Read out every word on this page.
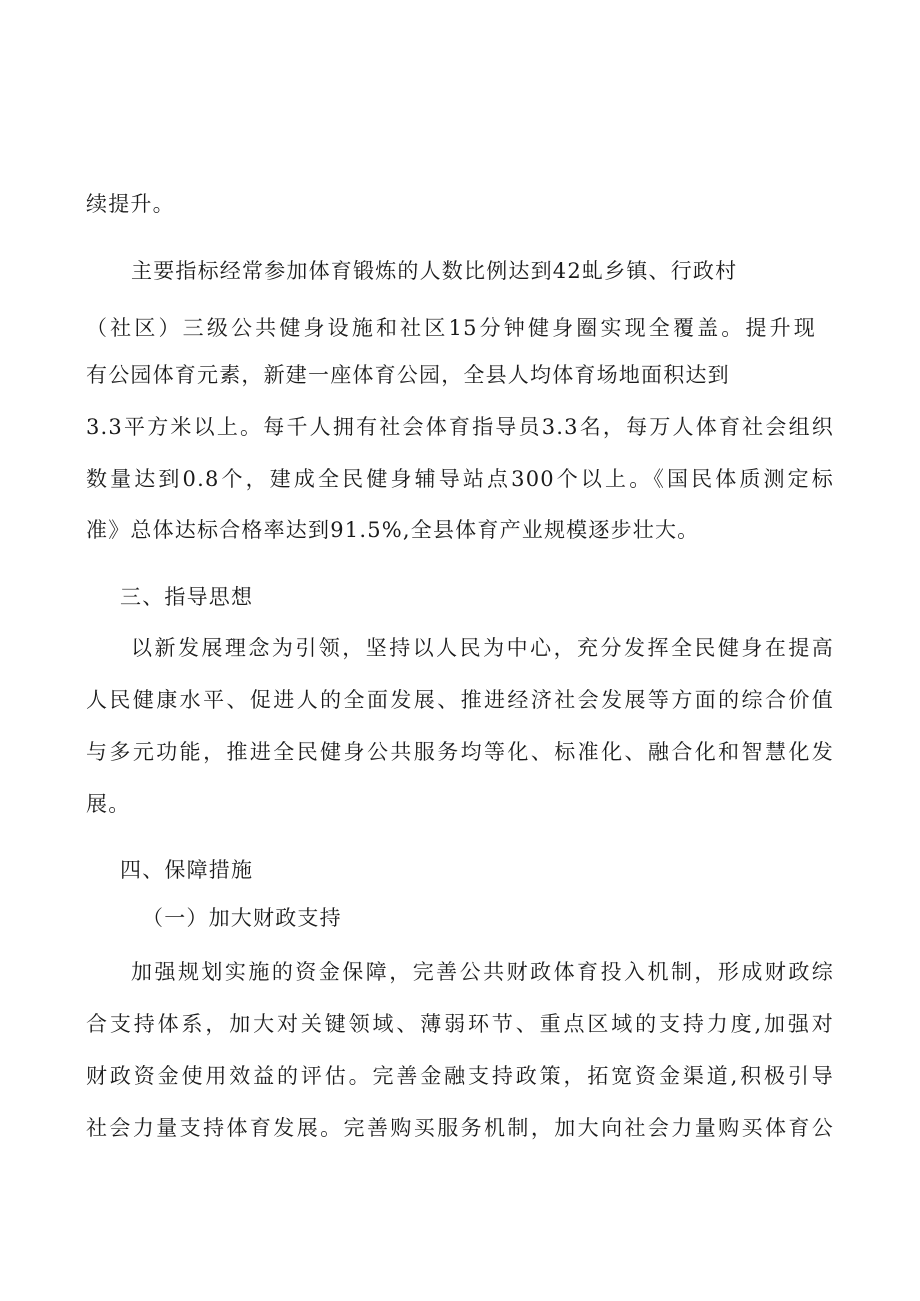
续提升。
主要指标经常参加体育锻炼的人数比例达到42虬乡镇、行政村
（社区）三级公共健身设施和社区15分钟健身圈实现全覆盖。提升现
有公园体育元素，新建一座体育公园，全县人均体育场地面积达到
3.3平方米以上。每千人拥有社会体育指导员3.3名，每万人体育社会组织
数量达到0.8个，建成全民健身辅导站点300个以上。《国民体质测定标
准》总体达标合格率达到91.5%,全县体育产业规模逐步壮大。
三、指导思想
以新发展理念为引领，坚持以人民为中心，充分发挥全民健身在提高
人民健康水平、促进人的全面发展、推进经济社会发展等方面的综合价值
与多元功能，推进全民健身公共服务均等化、标准化、融合化和智慧化发
展。
四、保障措施
（一）加大财政支持
加强规划实施的资金保障，完善公共财政体育投入机制，形成财政综
合支持体系，加大对关键领域、薄弱环节、重点区域的支持力度,加强对
财政资金使用效益的评估。完善金融支持政策，拓宽资金渠道,积极引导
社会力量支持体育发展。完善购买服务机制，加大向社会力量购买体育公
